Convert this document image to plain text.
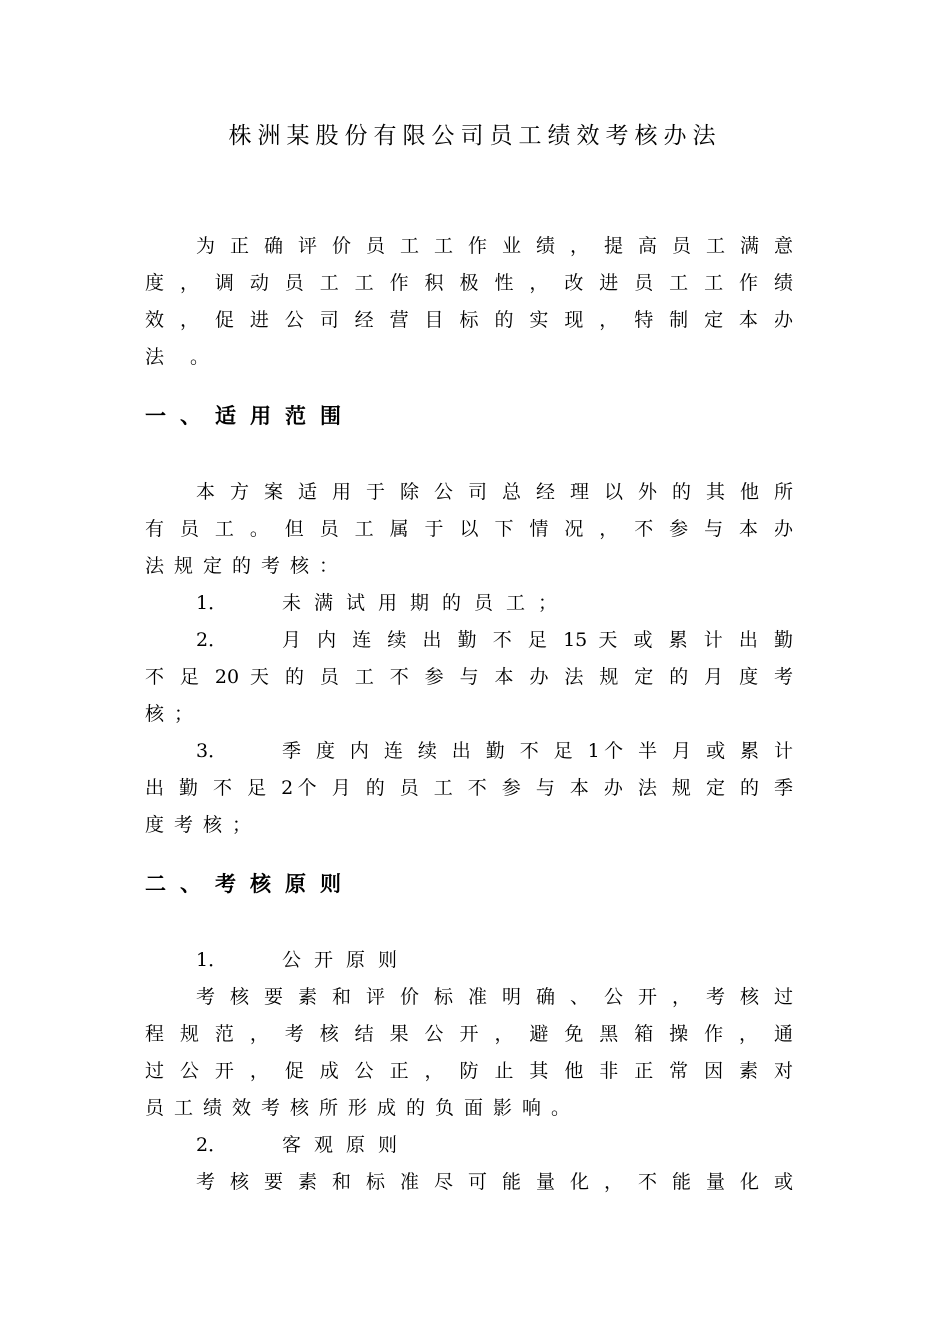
株洲某股份有限公司员工绩效考核办法
为 正 确 评 价 员 工 工 作 业 绩 ， 提 高 员 工 满 意
度 ， 调 动 员 工 工 作 积 极 性 ， 改 进 员 工 工 作 绩
效 ， 促 进 公 司 经 营 目 标 的 实 现 ， 特 制 定 本 办
法 。
一、适用范围
本 方 案 适 用 于 除 公 司 总 经 理 以 外 的 其 他 所
有 员 工 。 但 员 工 属 于 以 下 情 况 ， 不 参 与 本 办
法规定的考核：
1．	未满试用期的员工；
2．	月 内 连 续 出 勤 不 足 15 天 或 累 计 出 勤
不 足 20 天 的 员 工 不 参 与 本 办 法 规 定 的 月 度 考
核；
3．	季 度 内 连 续 出 勤 不 足 1个 半 月 或 累 计
出 勤 不 足 2个 月 的 员 工 不 参 与 本 办 法 规 定 的 季
度考核；
二、考核原则
1．	公开原则
考 核 要 素 和 评 价 标 准 明 确 、 公 开 ， 考 核 过
程 规 范 ， 考 核 结 果 公 开 ， 避 免 黑 箱 操 作 ， 通
过 公 开 ， 促 成 公 正 ， 防 止 其 他 非 正 常 因 素 对
员工绩效考核所形成的负面影响。
2．	客观原则
考 核 要 素 和 标 准 尽 可 能 量 化 ， 不 能 量 化 或
